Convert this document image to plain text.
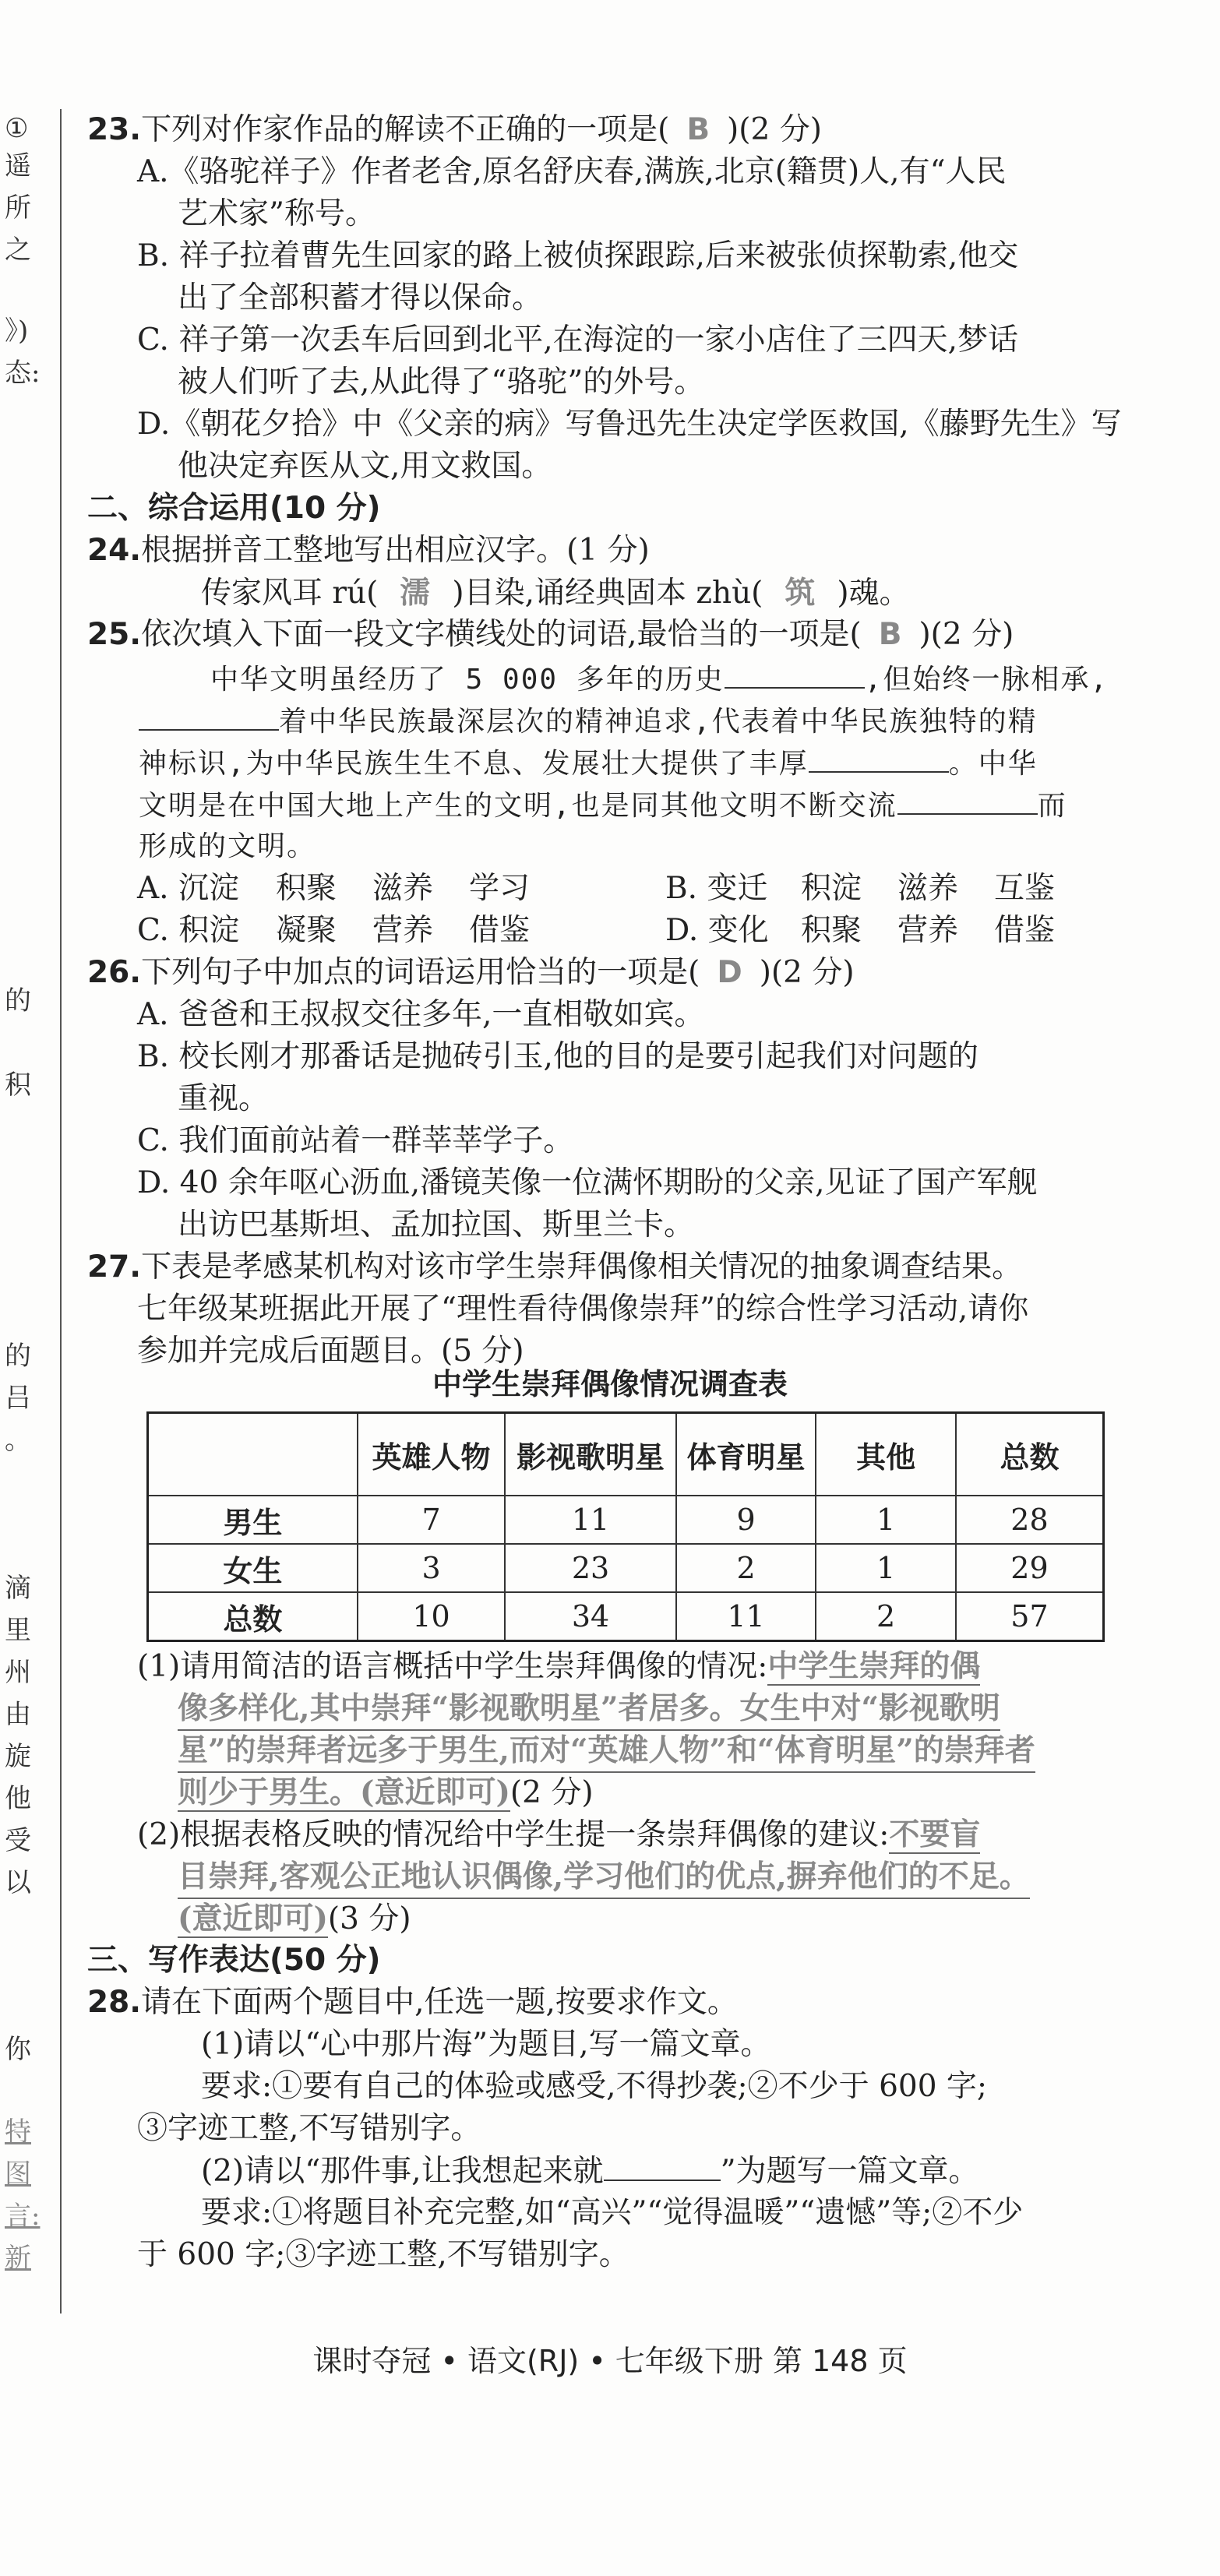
①
遥
所
之
》)
态:
的
积
的
吕
。
滴
里
州
由
旋
他
受
以
你
特
图
言:
新
23.下列对作家作品的解读不正确的一项是( B )(2 分)
A.《骆驼祥子》作者老舍,原名舒庆春,满族,北京(籍贯)人,有“人民
艺术家”称号。
B. 祥子拉着曹先生回家的路上被侦探跟踪,后来被张侦探勒索,他交
出了全部积蓄才得以保命。
C. 祥子第一次丢车后回到北平,在海淀的一家小店住了三四天,梦话
被人们听了去,从此得了“骆驼”的外号。
D.《朝花夕拾》中《父亲的病》写鲁迅先生决定学医救国,《藤野先生》写
他决定弃医从文,用文救国。
二、综合运用(10 分)
24.根据拼音工整地写出相应汉字。(1 分)
传家风耳 rú( 濡 )目染,诵经典固本 zhù( 筑 )魂。
25.依次填入下面一段文字横线处的词语,最恰当的一项是( B )(2 分)
中华文明虽经历了 5 000 多年的历史	,但始终一脉相承,
着中华民族最深层次的精神追求,代表着中华民族独特的精
神标识,为中华民族生生不息、发展壮大提供了丰厚	。中华
文明是在中国大地上产生的文明,也是同其他文明不断交流	而
形成的文明。
A. 沉淀 积聚 滋养 学习	B. 变迁 积淀 滋养 互鉴
C. 积淀 凝聚 营养 借鉴	D. 变化 积聚 营养 借鉴
26.下列句子中加点的词语运用恰当的一项是( D )(2 分)
A. 爸爸和王叔叔交往多年,一直相敬如宾。
B. 校长刚才那番话是抛砖引玉,他的目的是要引起我们对问题的
重视。
C. 我们面前站着一群莘莘学子。
D. 40 余年呕心沥血,潘镜芙像一位满怀期盼的父亲,见证了国产军舰
出访巴基斯坦、孟加拉国、斯里兰卡。
27.下表是孝感某机构对该市学生崇拜偶像相关情况的抽象调查结果。
七年级某班据此开展了“理性看待偶像崇拜”的综合性学习活动,请你
参加并完成后面题目。(5 分)
中学生崇拜偶像情况调查表
	英雄人物	影视歌明星	体育明星	其他	总数
男生	7	11	9	1	28
女生	3	23	2	1	29
总数	10	34	11	2	57
(1)请用简洁的语言概括中学生崇拜偶像的情况:中学生崇拜的偶
像多样化,其中崇拜“影视歌明星”者居多。女生中对“影视歌明
星”的崇拜者远多于男生,而对“英雄人物”和“体育明星”的崇拜者
则少于男生。(意近即可)(2 分)
(2)根据表格反映的情况给中学生提一条崇拜偶像的建议:不要盲
目崇拜,客观公正地认识偶像,学习他们的优点,摒弃他们的不足。
(意近即可)(3 分)
三、写作表达(50 分)
28.请在下面两个题目中,任选一题,按要求作文。
(1)请以“心中那片海”为题目,写一篇文章。
要求:①要有自己的体验或感受,不得抄袭;②不少于 600 字;
③字迹工整,不写错别字。
(2)请以“那件事,让我想起来就	”为题写一篇文章。
要求:①将题目补充完整,如“高兴”“觉得温暖”“遗憾”等;②不少
于 600 字;③字迹工整,不写错别字。
课时夺冠 • 语文(RJ) • 七年级下册 第 148 页
